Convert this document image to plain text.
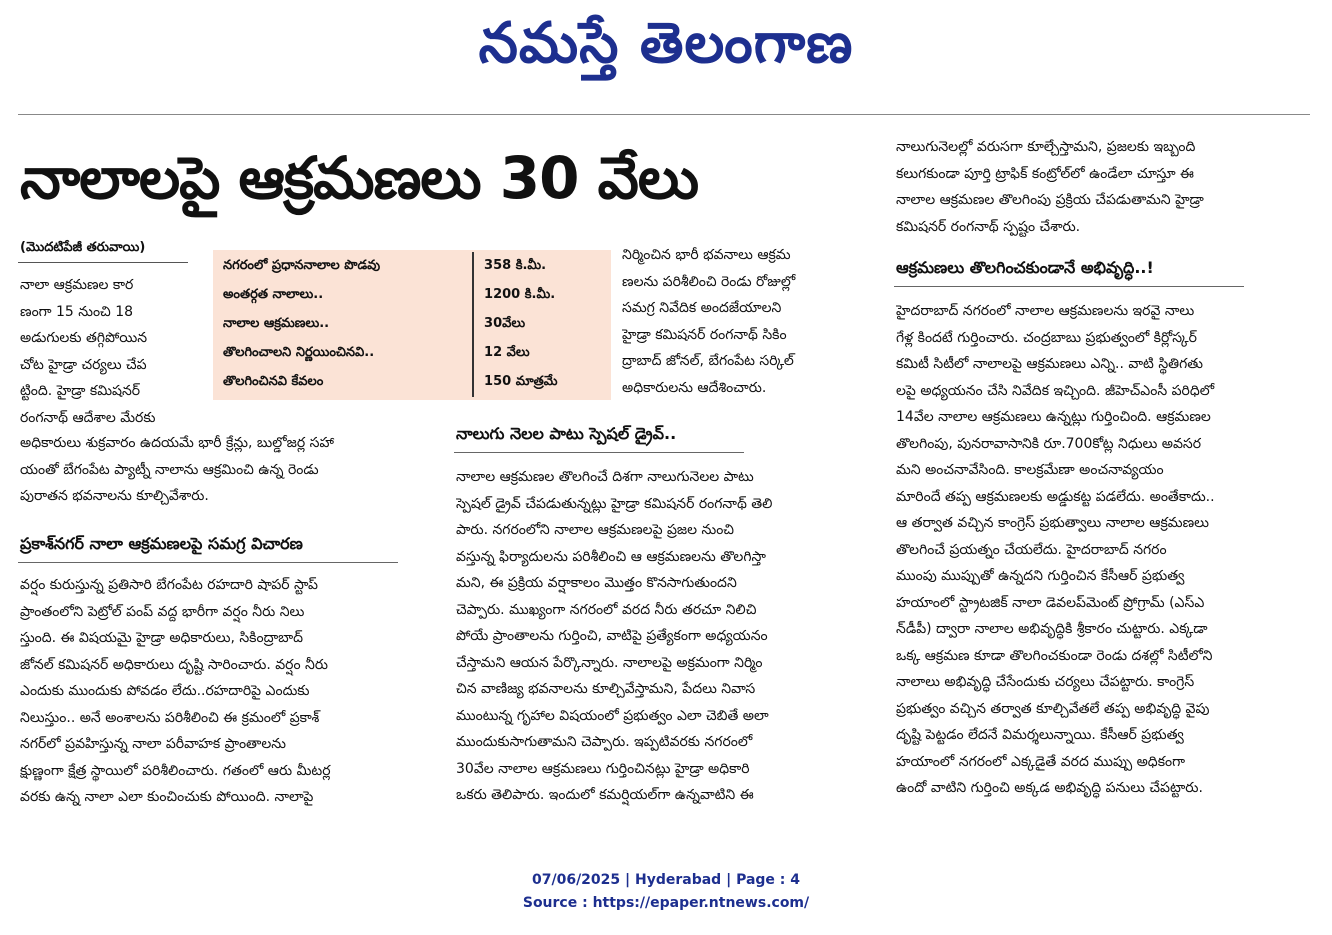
నమస్తే తెలంగాణ
నాలాలపై ఆక్రమణలు 30 వేలు
(మొదటిపేజీ తరువాయి)
నగరంలో ప్రధాననాలాల పొడవు	358 కి.మీ.
అంతర్గత నాలాలు..	1200 కి.మీ.
నాలాల ఆక్రమణలు..	30వేలు
తొలగించాలని నిర్ణయించినవి..	12 వేలు
తొలగించినవి కేవలం	150 మాత్రమే

నాలా ఆక్రమణల కార

ణంగా 15 నుంచి 18

అడుగులకు తగ్గిపోయిన

చోట హైడ్రా చర్యలు చేప

ట్టింది. హైడ్రా కమిషనర్

రంగనాథ్ ఆదేశాల మేరకు

అధికారులు శుక్రవారం ఉదయమే భారీ క్రేన్లు, బుల్డోజర్ల సహా

యంతో బేగంపేట ప్యాట్నీ నాలాను ఆక్రమించి ఉన్న రెండు

పురాతన భవనాలను కూల్చివేశారు.

ప్రకాశ్‌నగర్‌ నాలా ఆక్రమణలపై సమగ్ర విచారణ

వర్షం కురుస్తున్న ప్రతిసారి బేగంపేట రహదారి షాపర్ స్టాప్

ప్రాంతంలోని పెట్రోల్ పంప్ వద్ద భారీగా వర్షం నీరు నిలు

స్తుంది. ఈ విషయమై హైడ్రా అధికారులు, సికింద్రాబాద్

జోనల్ కమిషనర్ అధికారులు దృష్టి సారించారు. వర్షం నీరు

ఎందుకు ముందుకు పోవడం లేదు..రహదారిపై ఎందుకు

నిలుస్తుం.. అనే అంశాలను పరిశీలించి ఈ క్రమంలో ప్రకాశ్

నగర్‌లో ప్రవహిస్తున్న నాలా పరీవాహక ప్రాంతాలను

క్షుణ్ణంగా క్షేత్ర స్థాయిలో పరిశీలించారు. గతంలో ఆరు మీటర్ల

వరకు ఉన్న నాలా ఎలా కుంచించుకు పోయింది. నాలాపై

నిర్మించిన భారీ భవనాలు ఆక్రమ

ణలను పరిశీలించి రెండు రోజుల్లో

సమగ్ర నివేదిక అందజేయాలని

హైడ్రా కమిషనర్ రంగనాథ్ సికిం

ద్రాబాద్ జోనల్, బేగంపేట సర్కిల్

అధికారులను ఆదేశించారు.

నాలుగు నెలల పాటు స్పెషల్ డ్రైవ్..

నాలాల ఆక్రమణల తొలగించే దిశగా నాలుగునెలల పాటు

స్పెషల్ డ్రైవ్ చేపడుతున్నట్లు హైడ్రా కమిషనర్ రంగనాథ్ తెలి

పారు. నగరంలోని నాలాల ఆక్రమణలపై ప్రజల నుంచి

వస్తున్న ఫిర్యాదులను పరిశీలించి ఆ ఆక్రమణలను తొలగిస్తా

మని, ఈ ప్రక్రియ వర్షాకాలం మొత్తం కొనసాగుతుందని

చెప్పారు. ముఖ్యంగా నగరంలో వరద నీరు తరచూ నిలిచి

పోయే ప్రాంతాలను గుర్తించి, వాటిపై ప్రత్యేకంగా అధ్యయనం

చేస్తామని ఆయన పేర్కొన్నారు. నాలాలపై అక్రమంగా నిర్మిం

చిన వాణిజ్య భవనాలను కూల్చివేస్తామని, పేదలు నివాస

ముంటున్న గృహాల విషయంలో ప్రభుత్వం ఎలా చెబితే అలా

ముందుకుసాగుతామని చెప్పారు. ఇప్పటివరకు నగరంలో

30వేల నాలాల ఆక్రమణలు గుర్తించినట్లు హైడ్రా అధికారి

ఒకరు తెలిపారు. ఇందులో కమర్షియల్‌గా ఉన్నవాటిని ఈ

నాలుగునెలల్లో వరుసగా కూల్చేస్తామని, ప్రజలకు ఇబ్బంది

కలుగకుండా పూర్తి ట్రాఫిక్ కంట్రోల్‌లో ఉండేలా చూస్తూ ఈ

నాలాల ఆక్రమణల తొలగింపు ప్రక్రియ చేపడుతామని హైడ్రా

కమిషనర్ రంగనాథ్ స్పష్టం చేశారు.

ఆక్రమణలు తొలగించకుండానే అభివృద్ధి..!

హైదరాబాద్ నగరంలో నాలాల ఆక్రమణలను ఇరవై నాలు

గేళ్ల కిందటే గుర్తించారు. చంద్రబాబు ప్రభుత్వంలో కిర్లోస్కర్

కమిటీ సిటీలో నాలాలపై ఆక్రమణలు ఎన్ని.. వాటి స్థితిగతు

లపై అధ్యయనం చేసి నివేదిక ఇచ్చింది. జీహెచ్‌ఎంసీ పరిధిలో

14వేల నాలాల ఆక్రమణలు ఉన్నట్లు గుర్తించింది. ఆక్రమణల

తొలగింపు, పునరావాసానికి రూ.700కోట్ల నిధులు అవసర

మని అంచనావేసింది. కాలక్రమేణా అంచనావ్యయం

మారిందే తప్ప ఆక్రమణలకు అడ్డుకట్ట పడలేదు. అంతేకాదు..

ఆ తర్వాత వచ్చిన కాంగ్రెస్ ప్రభుత్వాలు నాలాల ఆక్రమణలు

తొలగించే ప్రయత్నం చేయలేదు. హైదరాబాద్ నగరం

ముంపు ముప్పుతో ఉన్నదని గుర్తించిన కేసీఆర్ ప్రభుత్వ

హయాంలో స్ట్రాటజిక్ నాలా డెవలప్‌మెంట్ ప్రోగ్రామ్ (ఎస్‌ఎ

న్‌డీపీ) ద్వారా నాలాల అభివృద్ధికి శ్రీకారం చుట్టారు. ఎక్కడా

ఒక్క ఆక్రమణ కూడా తొలగించకుండా రెండు దశల్లో సిటీలోని

నాలాలు అభివృద్ధి చేసేందుకు చర్యలు చేపట్టారు. కాంగ్రెస్

ప్రభుత్వం వచ్చిన తర్వాత కూల్చివేతలే తప్ప అభివృద్ధి వైపు

దృష్టి పెట్టడం లేదనే విమర్శలున్నాయి. కేసీఆర్ ప్రభుత్వ

హయాంలో నగరంలో ఎక్కడైతే వరద ముప్పు అధికంగా

ఉందో వాటిని గుర్తించి అక్కడ అభివృద్ధి పనులు చేపట్టారు.

07/06/2025 | Hyderabad | Page : 4
Source : https://epaper.ntnews.com/
